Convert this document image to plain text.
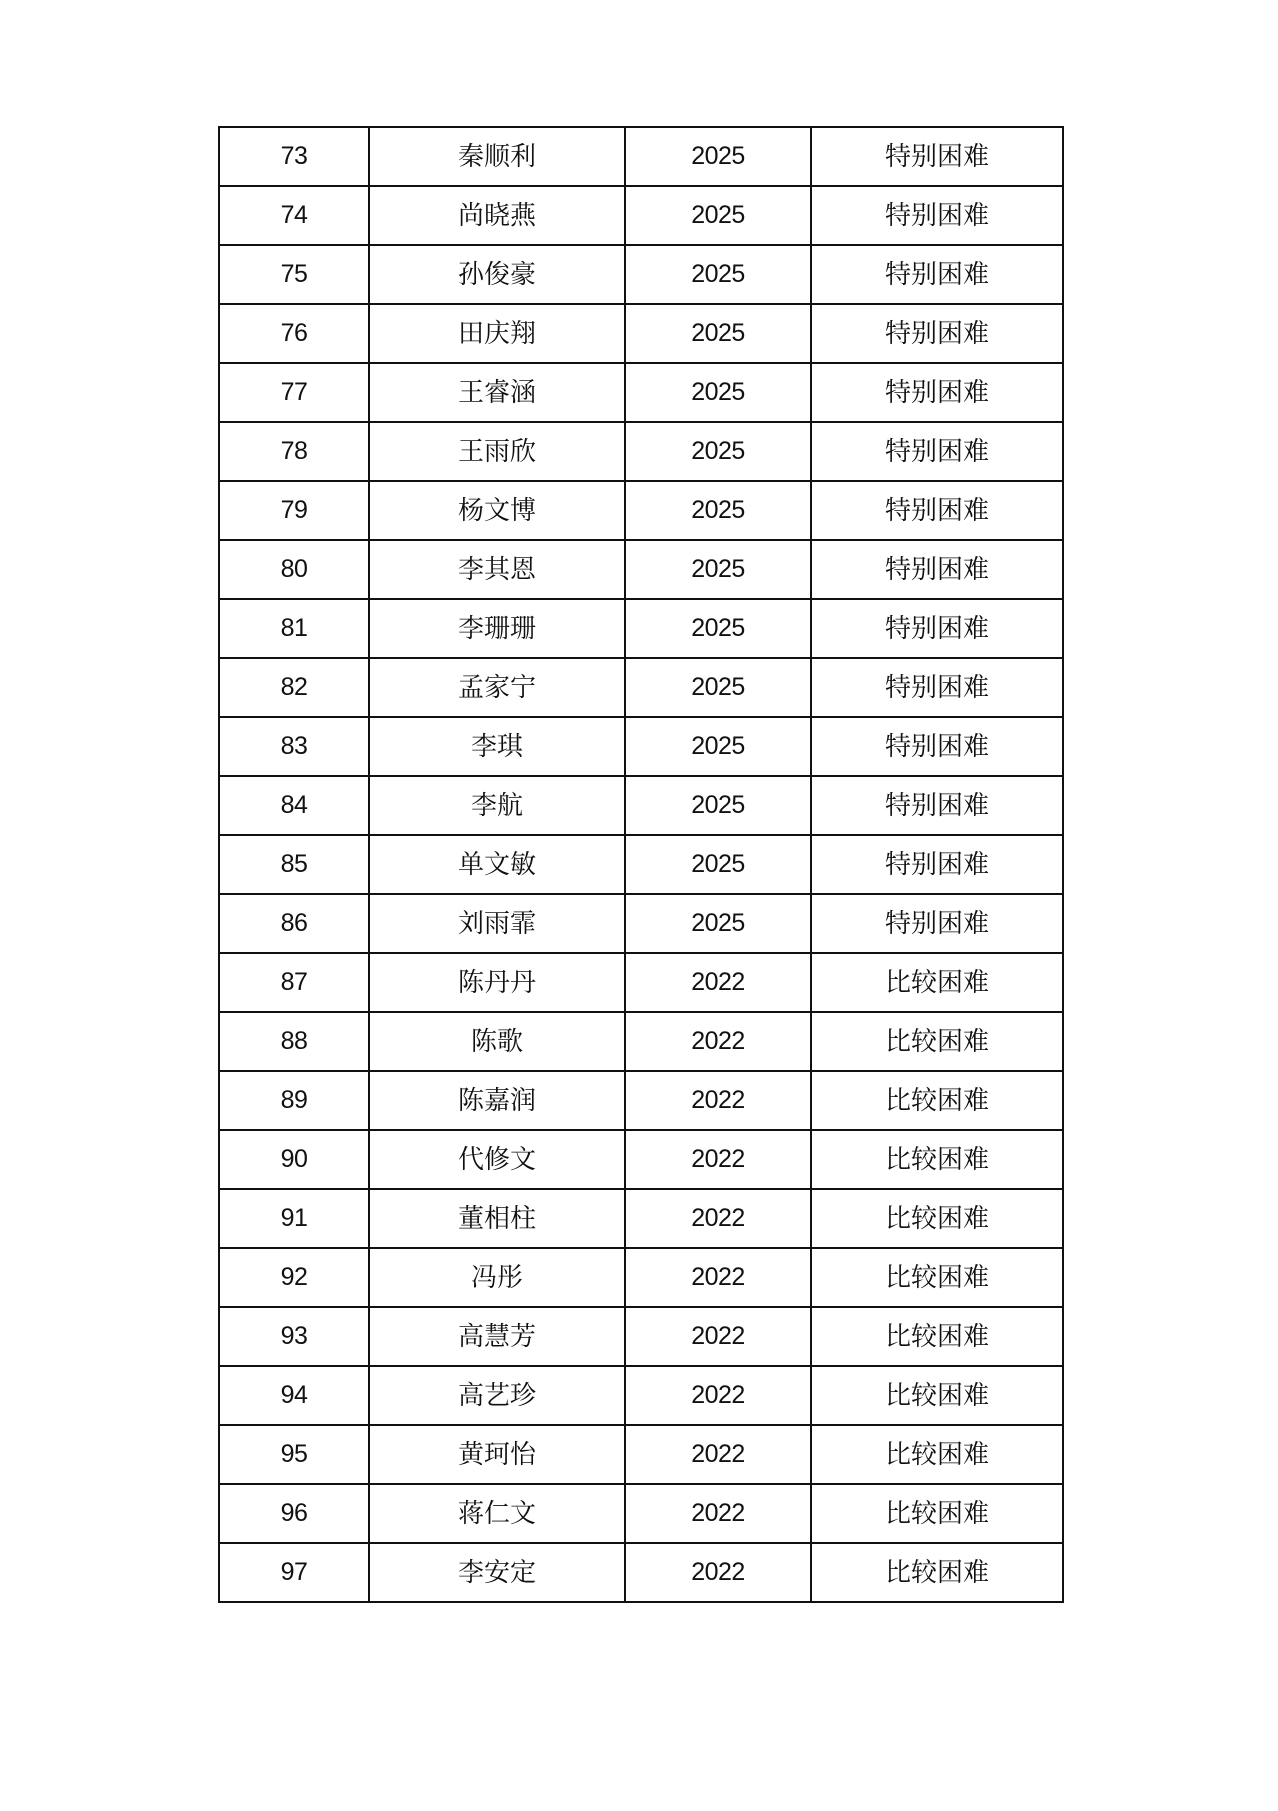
73	秦顺利	2025	特别困难
74	尚晓燕	2025	特别困难
75	孙俊豪	2025	特别困难
76	田庆翔	2025	特别困难
77	王睿涵	2025	特别困难
78	王雨欣	2025	特别困难
79	杨文博	2025	特别困难
80	李其恩	2025	特别困难
81	李珊珊	2025	特别困难
82	孟家宁	2025	特别困难
83	李琪	2025	特别困难
84	李航	2025	特别困难
85	单文敏	2025	特别困难
86	刘雨霏	2025	特别困难
87	陈丹丹	2022	比较困难
88	陈歌	2022	比较困难
89	陈嘉润	2022	比较困难
90	代修文	2022	比较困难
91	董相柱	2022	比较困难
92	冯彤	2022	比较困难
93	高慧芳	2022	比较困难
94	高艺珍	2022	比较困难
95	黄珂怡	2022	比较困难
96	蒋仁文	2022	比较困难
97	李安定	2022	比较困难
